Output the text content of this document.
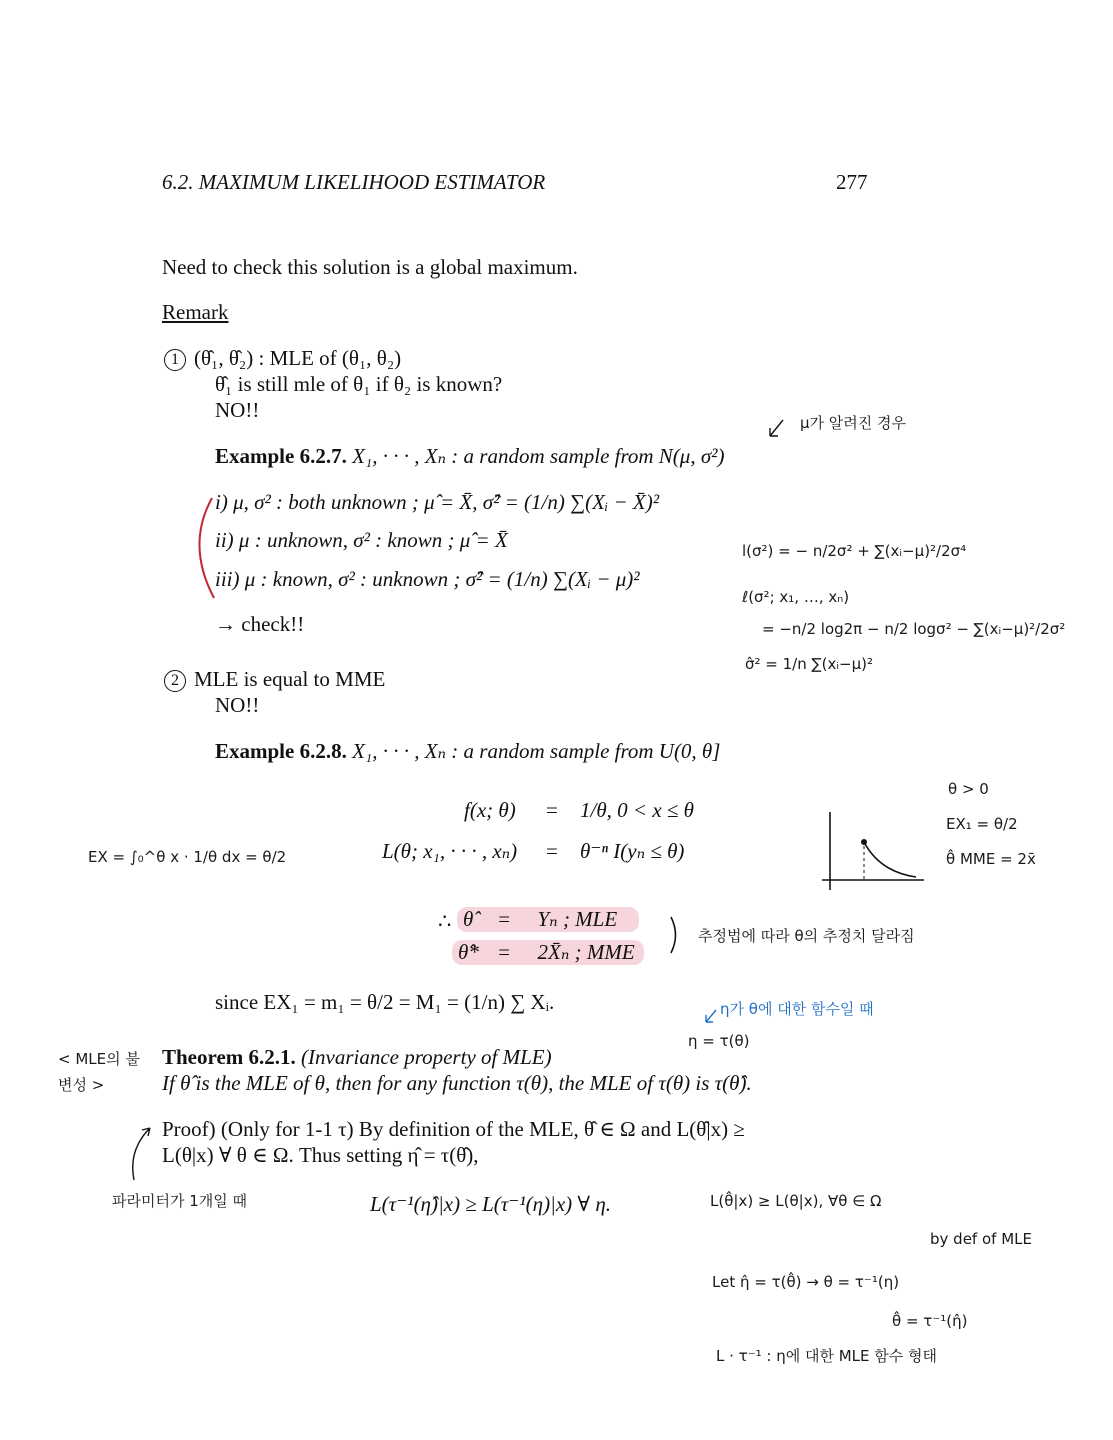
6.2. MAXIMUM LIKELIHOOD ESTIMATOR	277
Need to check this solution is a global maximum.
Remark
1 (θ̂₁, θ̂₂) : MLE of (θ₁, θ₂)
θ̂₁ is still mle of θ₁ if θ₂ is known?
NO!!
Example 6.2.7. X₁, · · · , Xₙ : a random sample from N(μ, σ²)
i) μ, σ² : both unknown ; μ̂ = X̄, σ̂² = (1/n) ∑(Xᵢ − X̄)²
ii) μ : unknown, σ² : known ; μ̂ = X̄
iii) μ : known, σ² : unknown ; σ̂² = (1/n) ∑(Xᵢ − μ)²
→ check!!
2 MLE is equal to MME
NO!!
Example 6.2.8. X₁, · · · , Xₙ : a random sample from U(0, θ]
f(x; θ) = 1/θ, 0 < x ≤ θ
L(θ; x₁, · · · , xₙ) = θ⁻ⁿ I(yₙ ≤ θ)
∴ θ̂ = Yₙ ; MLE
θ̂* = 2X̄ₙ ; MME
since EX₁ = m₁ = θ/2 = M₁ = (1/n) ∑ Xᵢ.
Theorem 6.2.1. (Invariance property of MLE)
If θ̂ is the MLE of θ, then for any function τ(θ), the MLE of τ(θ) is τ(θ̂).
Proof) (Only for 1-1 τ) By definition of the MLE, θ̂ ∈ Ω and L(θ̂|x) ≥
L(θ|x) ∀ θ ∈ Ω. Thus setting η̂ = τ(θ̂),
L(τ⁻¹(η̂)|x) ≥ L(τ⁻¹(η)|x) ∀ η.
μ가 알려진 경우
l(σ²) = − n/2σ² + ∑(xᵢ−μ)²/2σ⁴
ℓ(σ²; x₁, …, xₙ)
= −n/2 log2π − n/2 logσ² − ∑(xᵢ−μ)²/2σ²
σ̂² = 1/n ∑(xᵢ−μ)²
θ > 0
EX₁ = θ/2
θ̂ MME = 2x̄
EX = ∫₀^θ x · 1/θ dx = θ/2
추정법에 따라 θ의 추정치 달라짐
η가 θ에 대한 함수일 때
η = τ(θ)
< MLE의 불변성 >
파라미터가 1개일 때	L(θ̂|x) ≥ L(θ|x), ∀θ ∈ Ω
by def of MLE
Let η̂ = τ(θ̂) → θ = τ⁻¹(η)
θ̂ = τ⁻¹(η̂)
L · τ⁻¹ : η에 대한 MLE 함수 형태
